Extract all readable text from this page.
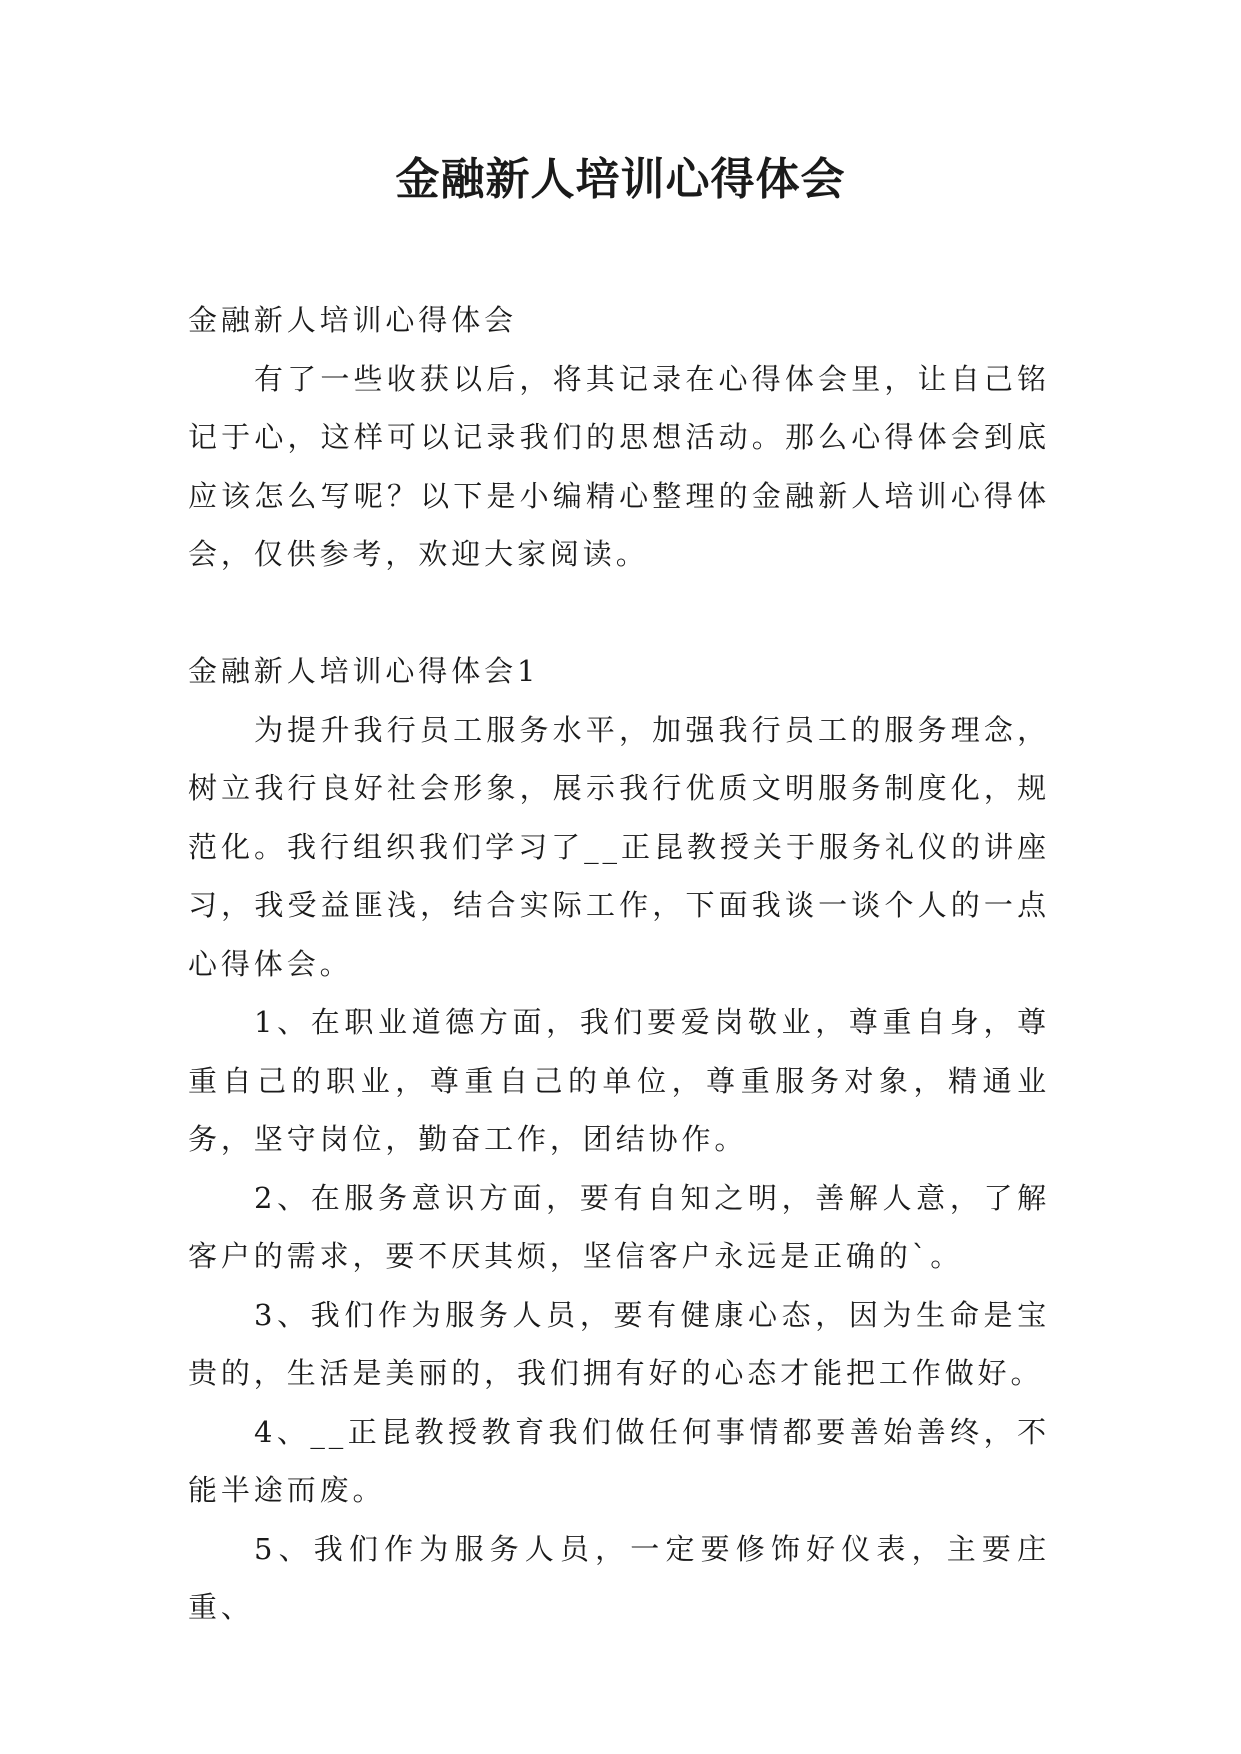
金融新人培训心得体会

金融新人培训心得体会

有了一些收获以后，将其记录在心得体会里，让自己铭记于心，这样可以记录我们的思想活动。那么心得体会到底应该怎么写呢？以下是小编精心整理的金融新人培训心得体会，仅供参考，欢迎大家阅读。

金融新人培训心得体会1

为提升我行员工服务水平，加强我行员工的服务理念，树立我行良好社会形象，展示我行优质文明服务制度化，规范化。我行组织我们学习了__正昆教授关于服务礼仪的讲座习，我受益匪浅，结合实际工作，下面我谈一谈个人的一点心得体会。

1、在职业道德方面，我们要爱岗敬业，尊重自身，尊重自己的职业，尊重自己的单位，尊重服务对象，精通业务，坚守岗位，勤奋工作，团结协作。

2、在服务意识方面，要有自知之明，善解人意，了解客户的需求，要不厌其烦，坚信客户永远是正确的`。

3、我们作为服务人员，要有健康心态，因为生命是宝贵的，生活是美丽的，我们拥有好的心态才能把工作做好。

4、__正昆教授教育我们做任何事情都要善始善终，不能半途而废。

5、我们作为服务人员，一定要修饰好仪表，主要庄重、
